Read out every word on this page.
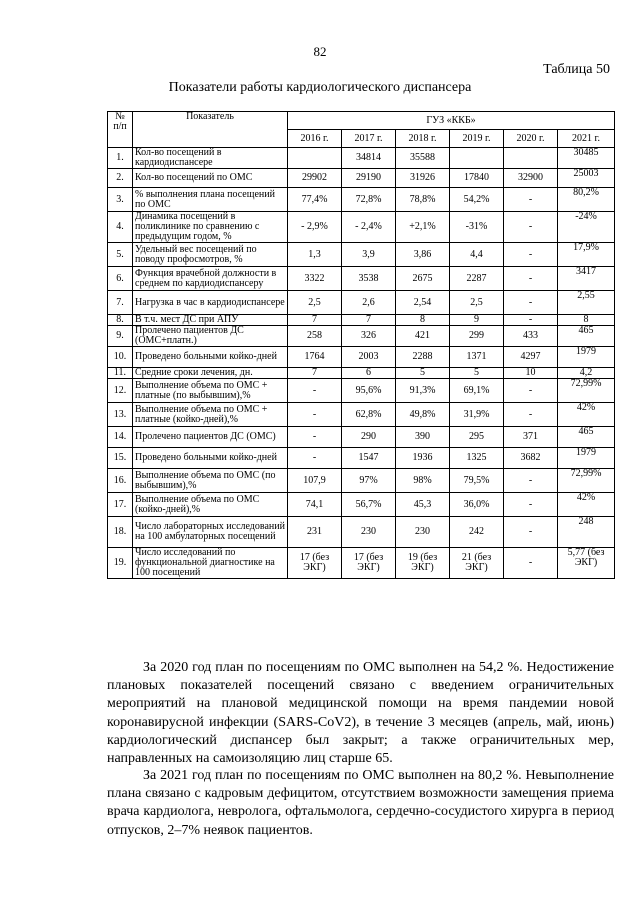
82
Таблица 50
Показатели работы кардиологического диспансера
№
п/п	Показатель	ГУЗ «ККБ»					
		2016 г.	2017 г.	2018 г.	2019 г.	2020 г.	2021 г.
1.	Кол-во посещений в кардиодиспансере		34814	35588			30485
2.	Кол-во посещений по ОМС	29902	29190	31926	17840	32900	25003
3.	% выполнения плана посещений по ОМС	77,4%	72,8%	78,8%	54,2%	-	80,2%
4.	Динамика посещений в поликлинике по сравнению с предыдущим годом, %	- 2,9%	- 2,4%	+2,1%	-31%	-	-24%
5.	Удельный вес посещений по поводу профосмотров, %	1,3	3,9	3,86	4,4	-	17,9%
6.	Функция врачебной должности в среднем по кардиодиспансеру	3322	3538	2675	2287	-	3417
7.	Нагрузка в час в кардиодиспансере	2,5	2,6	2,54	2,5	-	2,55
8.	В т.ч. мест ДС при АПУ	7	7	8	9	-	8
9.	Пролечено пациентов ДС (ОМС+платн.)	258	326	421	299	433	465
10.	Проведено больными койко-дней	1764	2003	2288	1371	4297	1979
11.	Средние сроки лечения, дн.	7	6	5	5	10	4,2
12.	Выполнение объема по ОМС + платные (по выбывшим),%	-	95,6%	91,3%	69,1%	-	72,99%
13.	Выполнение объема по ОМС + платные (койко-дней),%	-	62,8%	49,8%	31,9%	-	42%
14.	Пролечено пациентов ДС (ОМС)	-	290	390	295	371	465
15.	Проведено больными койко-дней	-	1547	1936	1325	3682	1979
16.	Выполнение объема по ОМС (по выбывшим),%	107,9	97%	98%	79,5%	-	72,99%
17.	Выполнение объема по ОМС (койко-дней),%	74,1	56,7%	45,3	36,0%	-	42%
18.	Число лабораторных исследований на 100 амбулаторных посещений	231	230	230	242	-	248
19.	Число исследований по функциональной диагностике на 100 посещений	17 (без ЭКГ)	17 (без ЭКГ)	19 (без ЭКГ)	21 (без ЭКГ)	-	5,77 (без ЭКГ)
За 2020 год план по посещениям по ОМС выполнен на 54,2 %. Недостижение плановых показателей посещений связано с введением ограничительных мероприятий на плановой медицинской помощи на время пандемии новой коронавирусной инфекции (SARS-CoV2), в течение 3 месяцев (апрель, май, июнь) кардиологический диспансер был закрыт; а также ограничительных мер, направленных на самоизоляцию лиц старше 65.
За 2021 год план по посещениям по ОМС выполнен на 80,2 %. Невыполнение плана связано с кадровым дефицитом, отсутствием возможности замещения приема врача кардиолога, невролога, офтальмолога, сердечно-сосудистого хирурга в период отпусков, 2–7% неявок пациентов.
